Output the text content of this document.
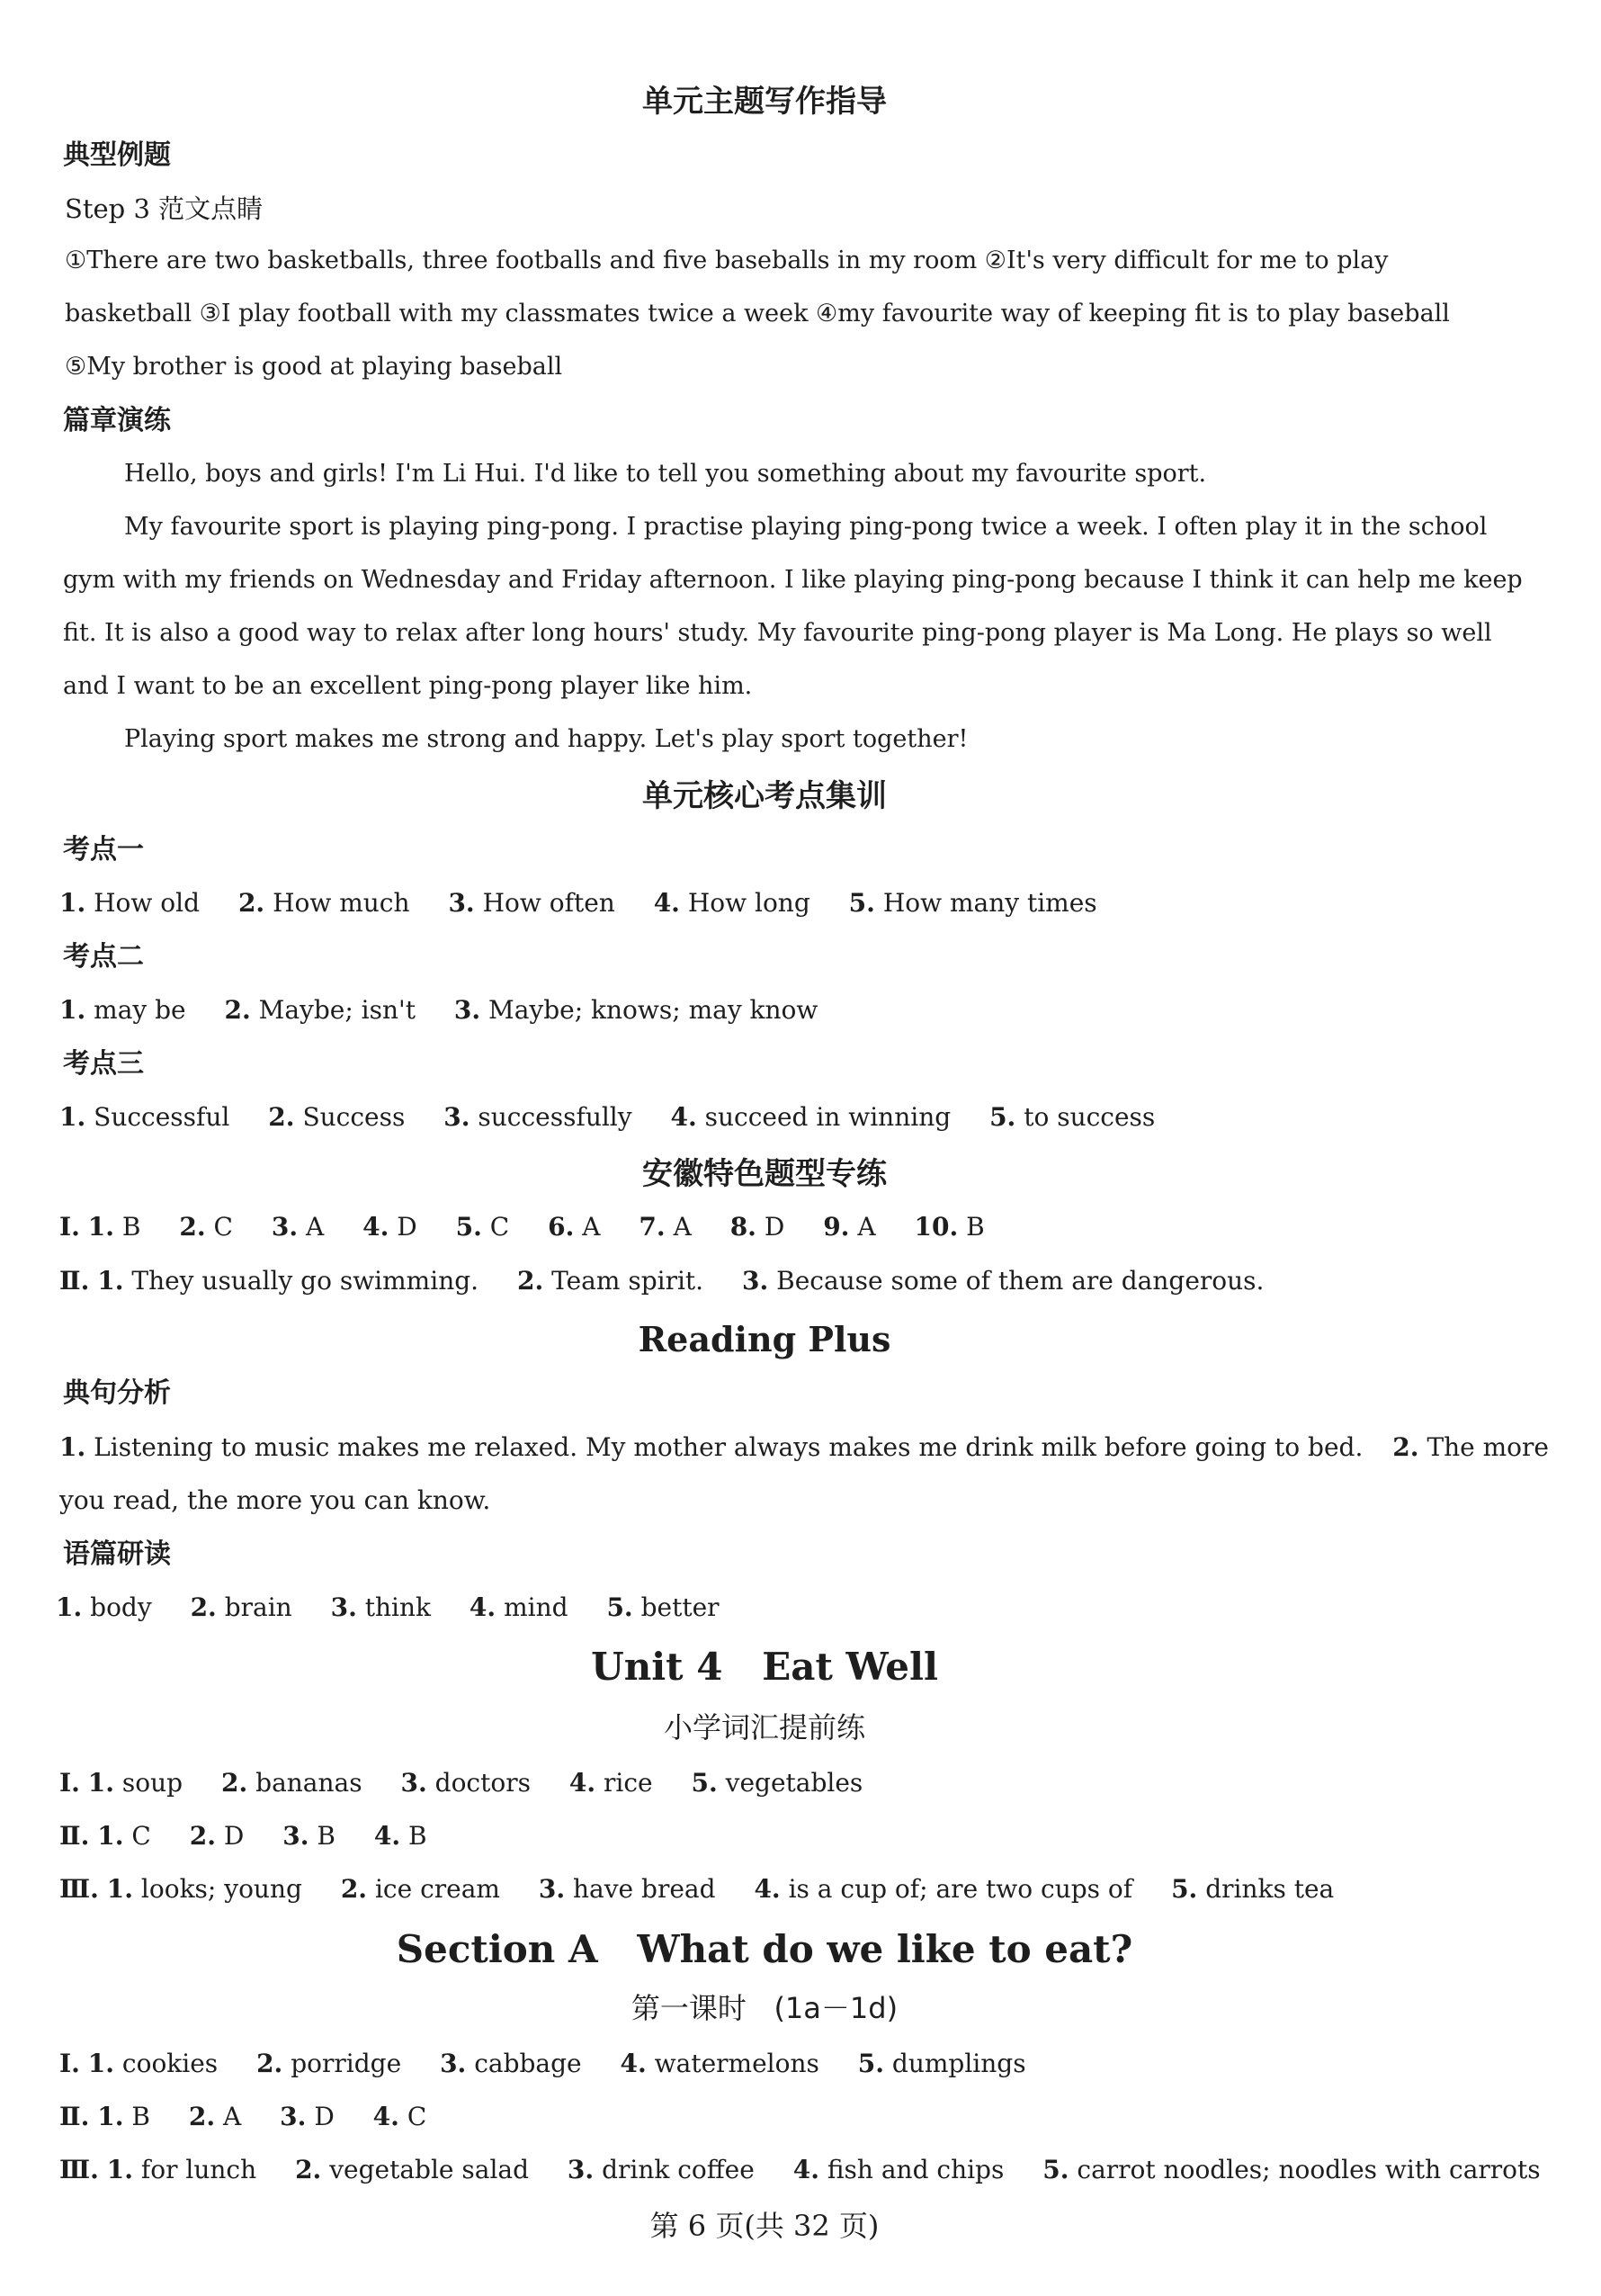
单元主题写作指导
典型例题
Step 3 范文点睛
①There are two basketballs, three footballs and five baseballs in my room ②It's very difficult for me to play
basketball ③I play football with my classmates twice a week ④my favourite way of keeping fit is to play baseball
⑤My brother is good at playing baseball
篇章演练
Hello, boys and girls! I'm Li Hui. I'd like to tell you something about my favourite sport.
My favourite sport is playing ping-pong. I practise playing ping-pong twice a week. I often play it in the school
gym with my friends on Wednesday and Friday afternoon. I like playing ping-pong because I think it can help me keep
fit. It is also a good way to relax after long hours' study. My favourite ping-pong player is Ma Long. He plays so well
and I want to be an excellent ping-pong player like him.
Playing sport makes me strong and happy. Let's play sport together!
单元核心考点集训
考点一
1. How old 2. How much 3. How often 4. How long 5. How many times
考点二
1. may be 2. Maybe; isn't 3. Maybe; knows; may know
考点三
1. Successful 2. Success 3. successfully 4. succeed in winning 5. to success
安徽特色题型专练
Ⅰ. 1. B 2. C 3. A 4. D 5. C 6. A 7. A 8. D 9. A 10. B
Ⅱ. 1. They usually go swimming. 2. Team spirit. 3. Because some of them are dangerous.
Reading Plus
典句分析
1. Listening to music makes me relaxed. My mother always makes me drink milk before going to bed. 2. The more
you read, the more you can know.
语篇研读
1. body 2. brain 3. think 4. mind 5. better
Unit 4   Eat Well
小学词汇提前练
Ⅰ. 1. soup 2. bananas 3. doctors 4. rice 5. vegetables
Ⅱ. 1. C 2. D 3. B 4. B
Ⅲ. 1. looks; young 2. ice cream 3. have bread 4. is a cup of; are two cups of 5. drinks tea
Section A   What do we like to eat?
第一课时   (1a－1d)
Ⅰ. 1. cookies 2. porridge 3. cabbage 4. watermelons 5. dumplings
Ⅱ. 1. B 2. A 3. D 4. C
Ⅲ. 1. for lunch 2. vegetable salad 3. drink coffee 4. fish and chips 5. carrot noodles; noodles with carrots
第 6 页(共 32 页)
